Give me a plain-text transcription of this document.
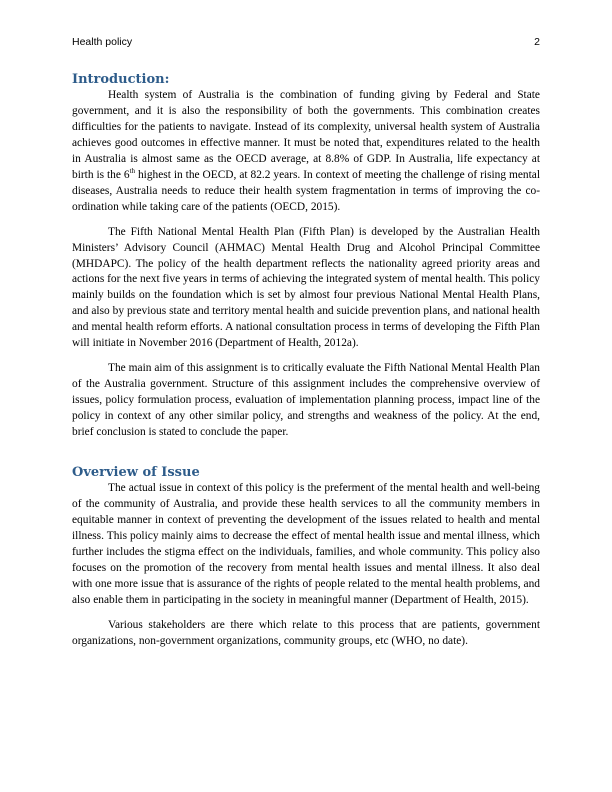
Health policy	2
Introduction:

Health system of Australia is the combination of funding giving by Federal and State government, and it is also the responsibility of both the governments. This combination creates difficulties for the patients to navigate. Instead of its complexity, universal health system of Australia achieves good outcomes in effective manner. It must be noted that, expenditures related to the health in Australia is almost same as the OECD average, at 8.8% of GDP. In Australia, life expectancy at birth is the 6th highest in the OECD, at 82.2 years. In context of meeting the challenge of rising mental diseases, Australia needs to reduce their health system fragmentation in terms of improving the co-ordination while taking care of the patients (OECD, 2015).

The Fifth National Mental Health Plan (Fifth Plan) is developed by the Australian Health Ministers’ Advisory Council (AHMAC) Mental Health Drug and Alcohol Principal Committee (MHDAPC). The policy of the health department reflects the nationality agreed priority areas and actions for the next five years in terms of achieving the integrated system of mental health. This policy mainly builds on the foundation which is set by almost four previous National Mental Health Plans, and also by previous state and territory mental health and suicide prevention plans, and national health and mental health reform efforts. A national consultation process in terms of developing the Fifth Plan will initiate in November 2016 (Department of Health, 2012a).

The main aim of this assignment is to critically evaluate the Fifth National Mental Health Plan of the Australia government. Structure of this assignment includes the comprehensive overview of issues, policy formulation process, evaluation of implementation planning process, impact line of the policy in context of any other similar policy, and strengths and weakness of the policy. At the end, brief conclusion is stated to conclude the paper.

Overview of Issue

The actual issue in context of this policy is the preferment of the mental health and well-being of the community of Australia, and provide these health services to all the community members in equitable manner in context of preventing the development of the issues related to health and mental illness. This policy mainly aims to decrease the effect of mental health issue and mental illness, which further includes the stigma effect on the individuals, families, and whole community. This policy also focuses on the promotion of the recovery from mental health issues and mental illness. It also deal with one more issue that is assurance of the rights of people related to the mental health problems, and also enable them in participating in the society in meaningful manner (Department of Health, 2015).

Various stakeholders are there which relate to this process that are patients, government organizations, non-government organizations, community groups, etc (WHO, no date).
